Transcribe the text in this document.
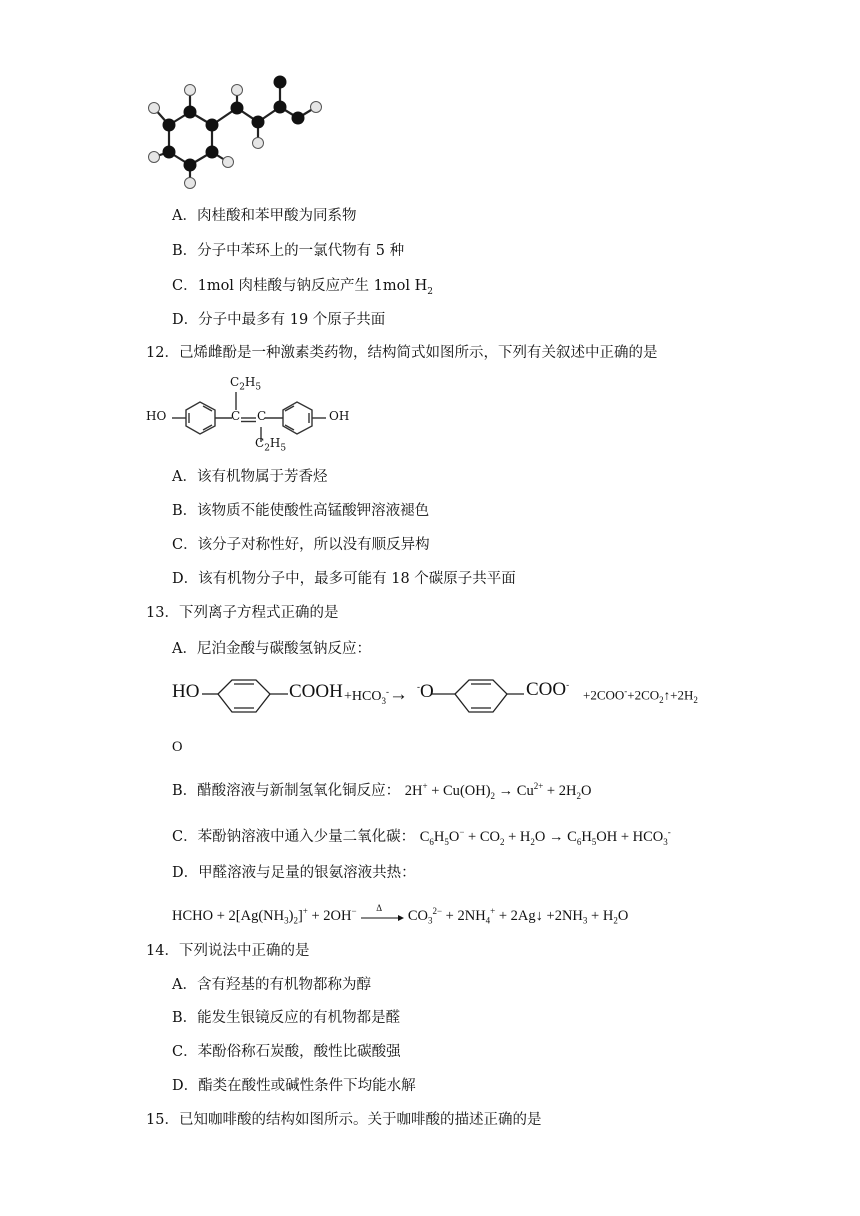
A．肉桂酸和苯甲酸为同系物
B．分子中苯环上的一氯代物有 5 种
C．1mol 肉桂酸与钠反应产生 1mol $H_2$
D．分子中最多有 19 个原子共面
12．己烯雌酚是一种激素类药物，结构简式如图所示，下列有关叙述中正确的是
HO	OH
C C
$C_2H_5$
$C_2H_5$
A．该有机物属于芳香烃
B．该物质不能使酸性高锰酸钾溶液褪色
C．该分子对称性好，所以没有顺反异构
D．该有机物分子中，最多可能有 18 个碳原子共平面
13．下列离子方程式正确的是
A．尼泊金酸与碳酸氢钠反应：
HO	COOH $+HCO_3^-\to ^-O$	COO-
$+2COO^-+2CO_2↑+2H_2$
O
B．醋酸溶液与新制氢氧化铜反应： $2H^+ + Cu(OH)_2 \to Cu^{2+} + 2H_2O$
C．苯酚钠溶液中通入少量二氧化碳： $C_6H_5O^- + CO_2 + H_2O \to C_6H_5OH + HCO_3^-$
D．甲醛溶液与足量的银氨溶液共热：
HCHO + $2[Ag(NH_3)_2]^+ + 2OH^-$ Δ
$CO_3^{2-} + 2NH_4^+$ + 2Ag↓ $+2NH_3 + H_2O$
14．下列说法中正确的是
A．含有羟基的有机物都称为醇
B．能发生银镜反应的有机物都是醛
C．苯酚俗称石炭酸，酸性比碳酸强
D．酯类在酸性或碱性条件下均能水解
15．已知咖啡酸的结构如图所示。关于咖啡酸的描述正确的是
